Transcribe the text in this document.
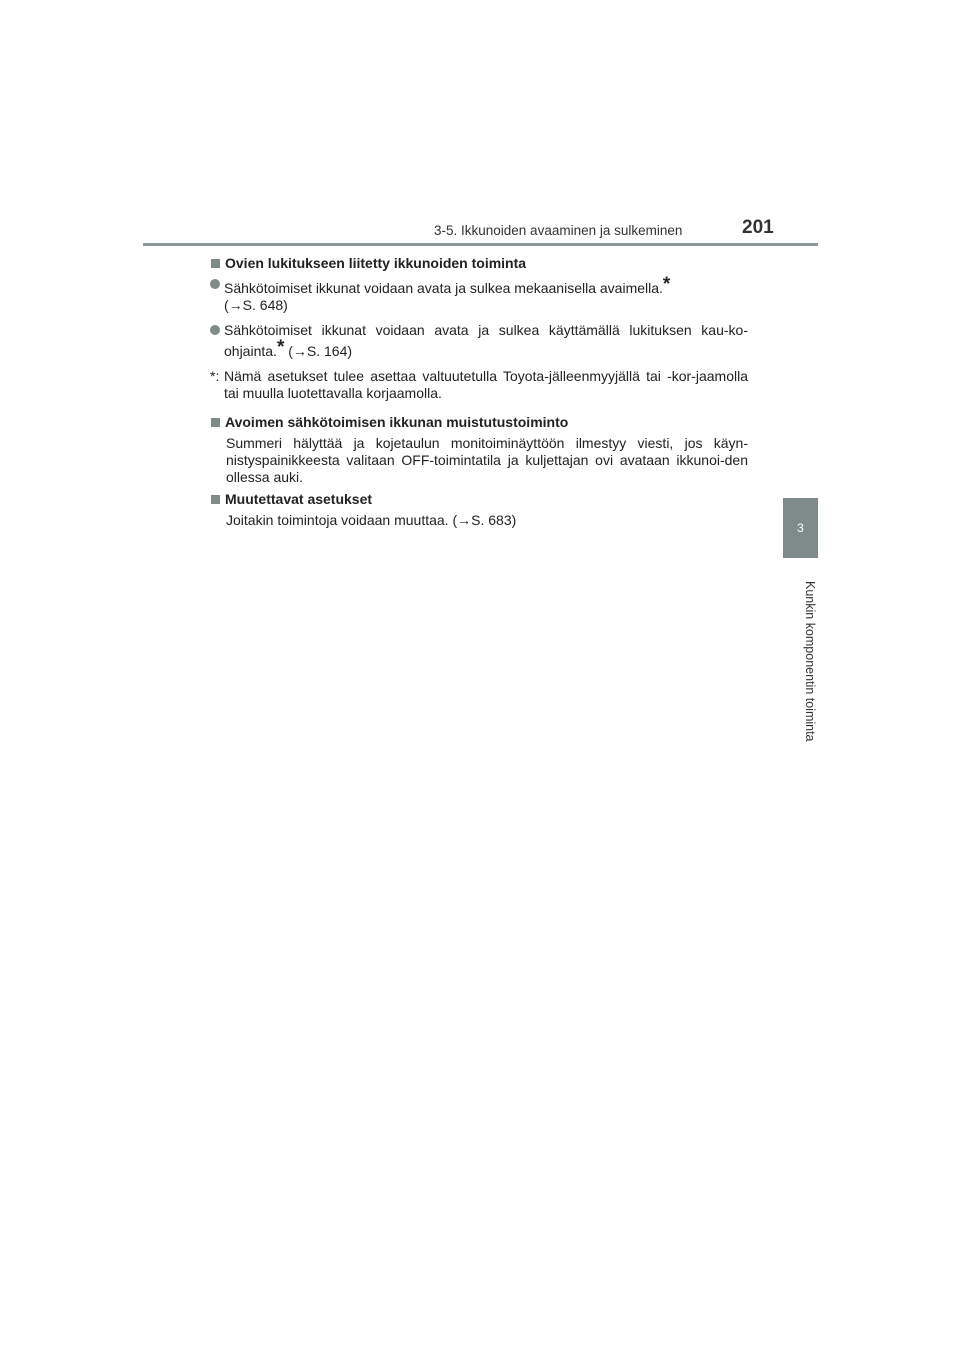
3-5. Ikkunoiden avaaminen ja sulkeminen	201
3
Kunkin komponentin toiminta
Ovien lukitukseen liitetty ikkunoiden toiminta
Sähkötoimiset ikkunat voidaan avata ja sulkea mekaanisella avaimella.*
(→S. 648)
Sähkötoimiset ikkunat voidaan avata ja sulkea käyttämällä lukituksen kau-ko-ohjainta.* (→S. 164)
*: Nämä asetukset tulee asettaa valtuutetulla Toyota-jälleenmyyjällä tai -kor-jaamolla tai muulla luotettavalla korjaamolla.
Avoimen sähkötoimisen ikkunan muistutustoiminto
Summeri hälyttää ja kojetaulun monitoiminäyttöön ilmestyy viesti, jos käyn-nistyspainikkeesta valitaan OFF-toimintatila ja kuljettajan ovi avataan ikkunoi-den ollessa auki.
Muutettavat asetukset
Joitakin toimintoja voidaan muuttaa. (→S. 683)
